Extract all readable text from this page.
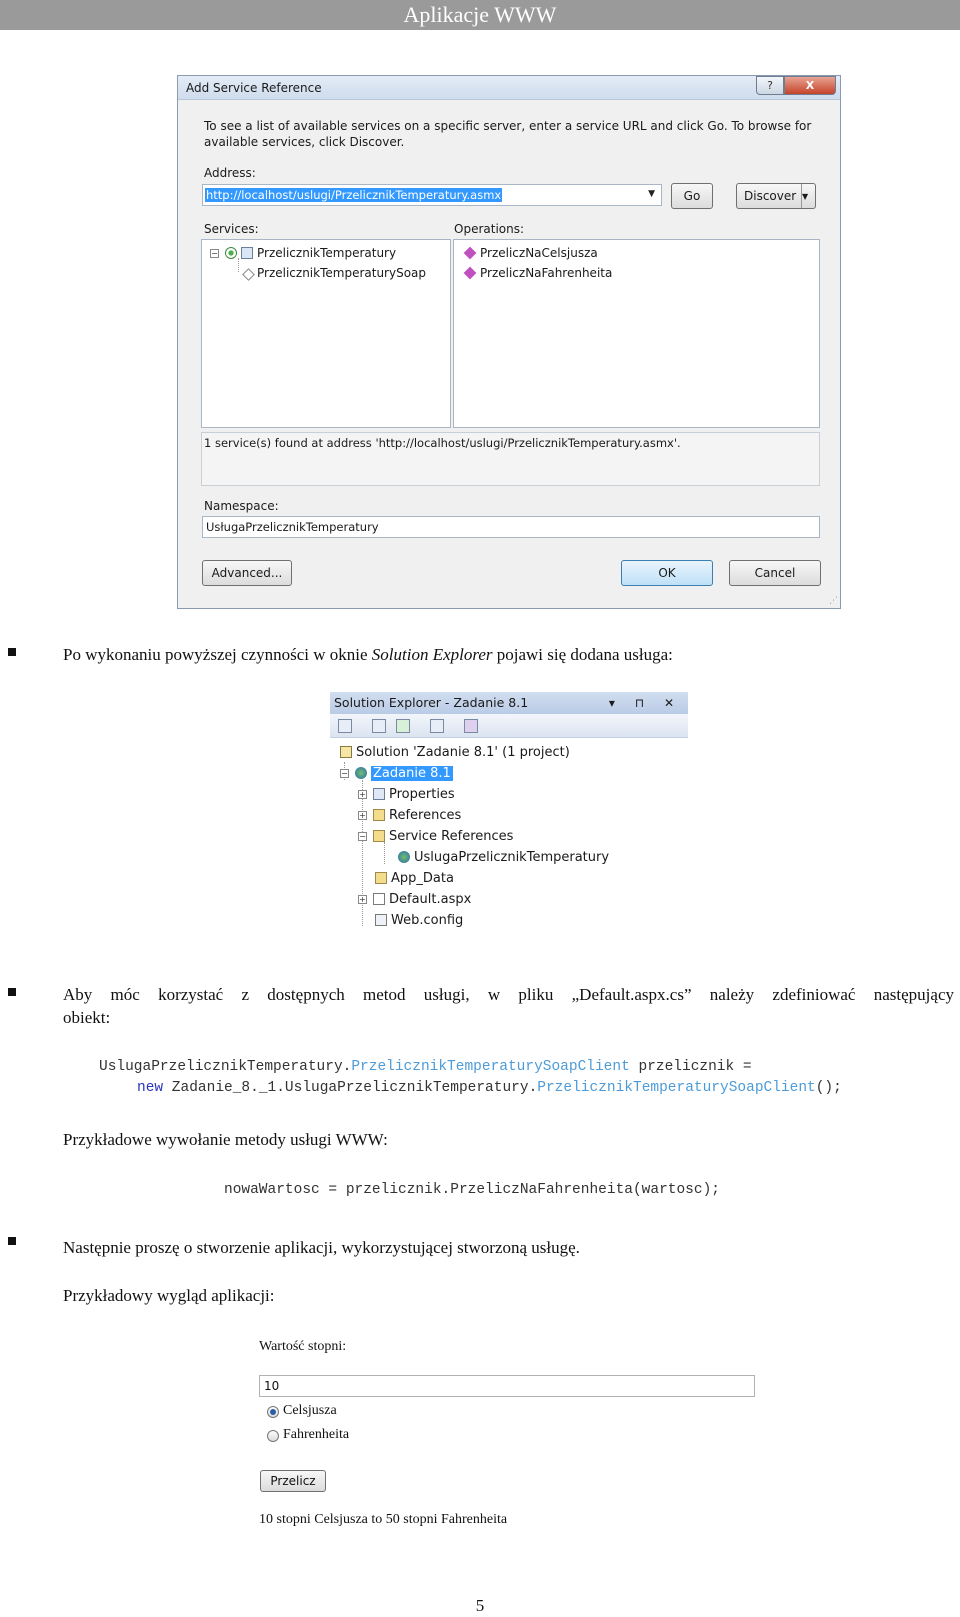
Aplikacje WWW
Add Service Reference	?	X
To see a list of available services on a specific server, enter a service URL and click Go. To browse for available services, click Discover.
Address:
http://localhost/uslugi/PrzelicznikTemperatury.asmx	▼	Go	Discover ▼
Services:	Operations:
−	PrzelicznikTemperatury
PrzelicznikTemperaturySoap
PrzeliczNaCelsjusza
PrzeliczNaFahrenheita
1 service(s) found at address 'http://localhost/uslugi/PrzelicznikTemperatury.asmx'.
Namespace:
UsługaPrzelicznikTemperatury
Advanced...	OK	Cancel
⋰
Po wykonaniu powyższej czynności w oknie Solution Explorer pojawi się dodana usługa:
Solution Explorer - Zadanie 8.1	▾ ⊓ ✕
Solution 'Zadanie 8.1' (1 project)
− Zadanie 8.1
+ Properties
+ References
− Service References
UslugaPrzelicznikTemperatury
App_Data
+ Default.aspx
Web.config
Aby móc korzystać z dostępnych metod usługi, w pliku „Default.aspx.cs” należy zdefiniować następujący
obiekt:
UslugaPrzelicznikTemperatury.PrzelicznikTemperaturySoapClient przelicznik =
new Zadanie_8._1.UslugaPrzelicznikTemperatury.PrzelicznikTemperaturySoapClient();
Przykładowe wywołanie metody usługi WWW:
nowaWartosc = przelicznik.PrzeliczNaFahrenheita(wartosc);
Następnie proszę o stworzenie aplikacji, wykorzystującej stworzoną usługę.
Przykładowy wygląd aplikacji:
Wartość stopni:
10
Celsjusza
Fahrenheita
Przelicz
10 stopni Celsjusza to 50 stopni Fahrenheita
5
